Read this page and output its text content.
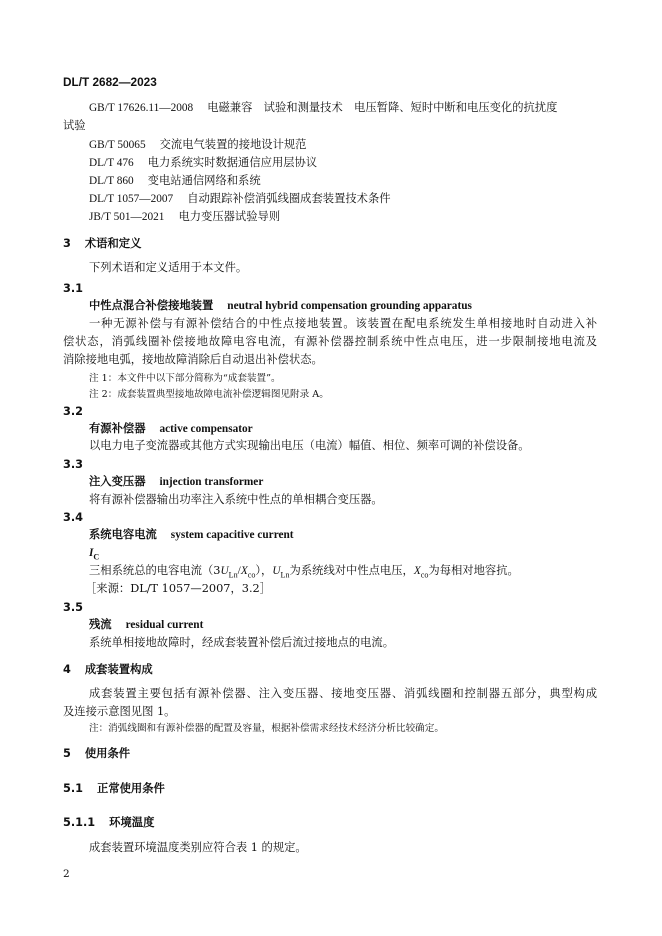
DL/T 2682—2023
GB/T 17626.11—2008 电磁兼容　试验和测量技术　电压暂降、短时中断和电压变化的抗扰度
试验
GB/T 50065 交流电气装置的接地设计规范
DL/T 476 电力系统实时数据通信应用层协议
DL/T 860 变电站通信网络和系统
DL/T 1057—2007 自动跟踪补偿消弧线圈成套装置技术条件
JB/T 501—2021 电力变压器试验导则
3 术语和定义
下列术语和定义适用于本文件。
3.1
中性点混合补偿接地装置 neutral hybrid compensation grounding apparatus
一种无源补偿与有源补偿结合的中性点接地装置。该装置在配电系统发生单相接地时自动进入补
偿状态，消弧线圈补偿接地故障电容电流，有源补偿器控制系统中性点电压，进一步限制接地电流及
消除接地电弧，接地故障消除后自动退出补偿状态。
注 1：本文件中以下部分简称为“成套装置”。
注 2：成套装置典型接地故障电流补偿逻辑图见附录 A。
3.2
有源补偿器 active compensator
以电力电子变流器或其他方式实现输出电压（电流）幅值、相位、频率可调的补偿设备。
3.3
注入变压器 injection transformer
将有源补偿器输出功率注入系统中性点的单相耦合变压器。
3.4
系统电容电流 system capacitive current
$I_C$
三相系统总的电容电流$(3U_{Ln}/X_{co})$，$U_{Ln}$为系统线对中性点电压，$X_{co}$为每相对地容抗。
［来源：DL/T 1057—2007，3.2］
3.5
残流 residual current
系统单相接地故障时，经成套装置补偿后流过接地点的电流。
4 成套装置构成
成套装置主要包括有源补偿器、注入变压器、接地变压器、消弧线圈和控制器五部分，典型构成
及连接示意图见图 1。
注：消弧线圈和有源补偿器的配置及容量，根据补偿需求经技术经济分析比较确定。
5 使用条件
5.1 正常使用条件
5.1.1 环境温度
成套装置环境温度类别应符合表 1 的规定。
2
